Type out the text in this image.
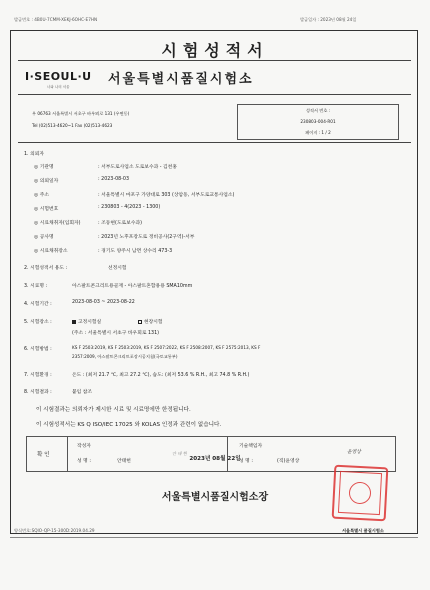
발급번호 : 4B0U-7CMM-XEKJ-6OHC-E7HN	발급일자 : 2023년 08월 24일
시험성적서
I·SEOUL·U
너와 나의 서울	서울특별시품질시험소
우 06763 서울특별시 서초구 바우뫼로 131 (우면동)
Tel (02)513-4620~1 Fax (02)513-4623
성적서 번호 :
230803-004-R01
페이지 : 1 / 2
1. 의뢰자
◎ 기관명	: 서부도로사업소 도로보수과 - 김천홍
◎ 의뢰일자	: 2023-08-03
◎ 주소	: 서울특별시 마포구 가양대로 303 (상암동, 서부도로교통사업소)
◎ 시험번호	: 230803 - 4(2023 - 1300)
◎ 시료채취자(입회자)	: 조동현(도로보수과)
◎ 공사명	: 2023년 노후포장도로 정비공사(2구역)-서부
◎ 시료채취장소	: 경기도 양주시 남면 상수리 473-3
2. 시험성적서 용도 :	선정시험
3. 시료명 :	아스팔트콘크리트용골재 - 아스팔트혼합용용 SMA10mm
4. 시험기간 :	2023-08-03 ~ 2023-08-22
5. 시험장소 :	고정시험실	현장시험
(주소 : 서울특별시 서초구 바우뫼로 131)
6. 시험방법 :	KS F 2503:2019, KS F 2503:2019, KS F 2507:2022, KS F 2508:2007, KS F 2575:2013, KS F
2357:2009, 아스팔트콘크리트포장시공지침(국토교통부)
7. 시험환경 :	온도 : (최저 21.7 ℃, 최고 27.2 ℃), 습도: (최저 53.6 % R.H., 최고 74.8 % R.H.)
8. 시험결과 :	붙임 참조
이 시험결과는 의뢰자가 제시한 시료 및 시료명에만 한정됩니다.
이 시험성적서는 KS Q ISO/IEC 17025 와 KOLAS 인정과 관련이 없습니다.
확 인
작성자
성 명 :	안태헌
안 태 헌
기술책임자
성 명 :	(직)윤영상
윤영상
2023년 08월 22일
서울특별시품질시험소장
양식번호:SQIO-QP-15-300D:2019.04.29	서울특별시 품질시험소
